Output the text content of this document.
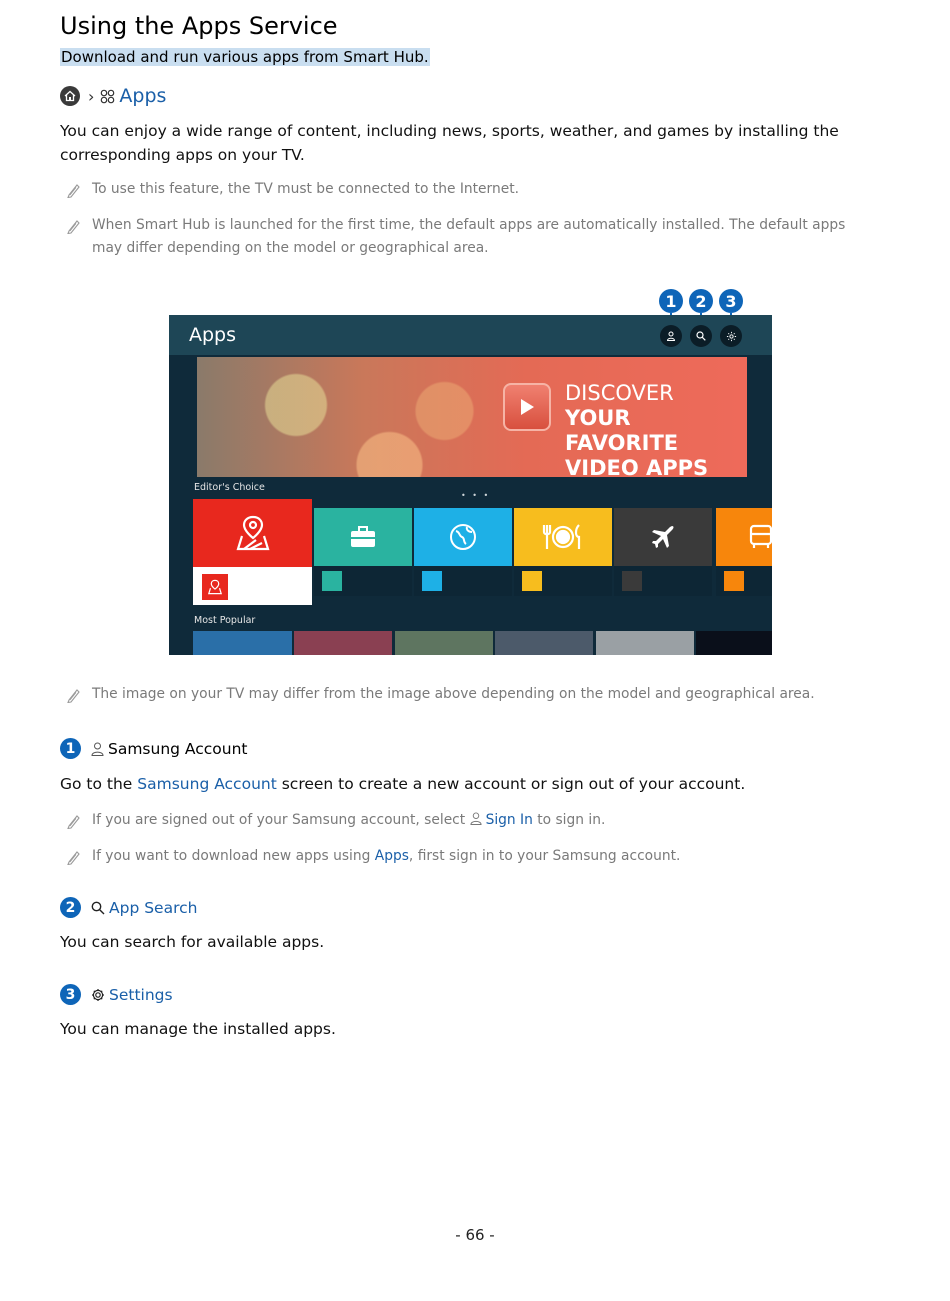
Using the Apps Service
Download and run various apps from Smart Hub.
› Apps
You can enjoy a wide range of content, including news, sports, weather, and games by installing the corresponding apps on your TV.
To use this feature, the TV must be connected to the Internet.
When Smart Hub is launched for the first time, the default apps are automatically installed. The default apps may differ depending on the model or geographical area.
1	2	3
Apps
DISCOVER
YOUR FAVORITE
VIDEO APPS
Editor's Choice
• • •
Most Popular
The image on your TV may differ from the image above depending on the model and geographical area.
1	Samsung Account
Go to the Samsung Account screen to create a new account or sign out of your account.
If you are signed out of your Samsung account, select Sign In to sign in.
If you want to download new apps using Apps, first sign in to your Samsung account.
2	App Search
You can search for available apps.
3	Settings
You can manage the installed apps.
- 66 -
